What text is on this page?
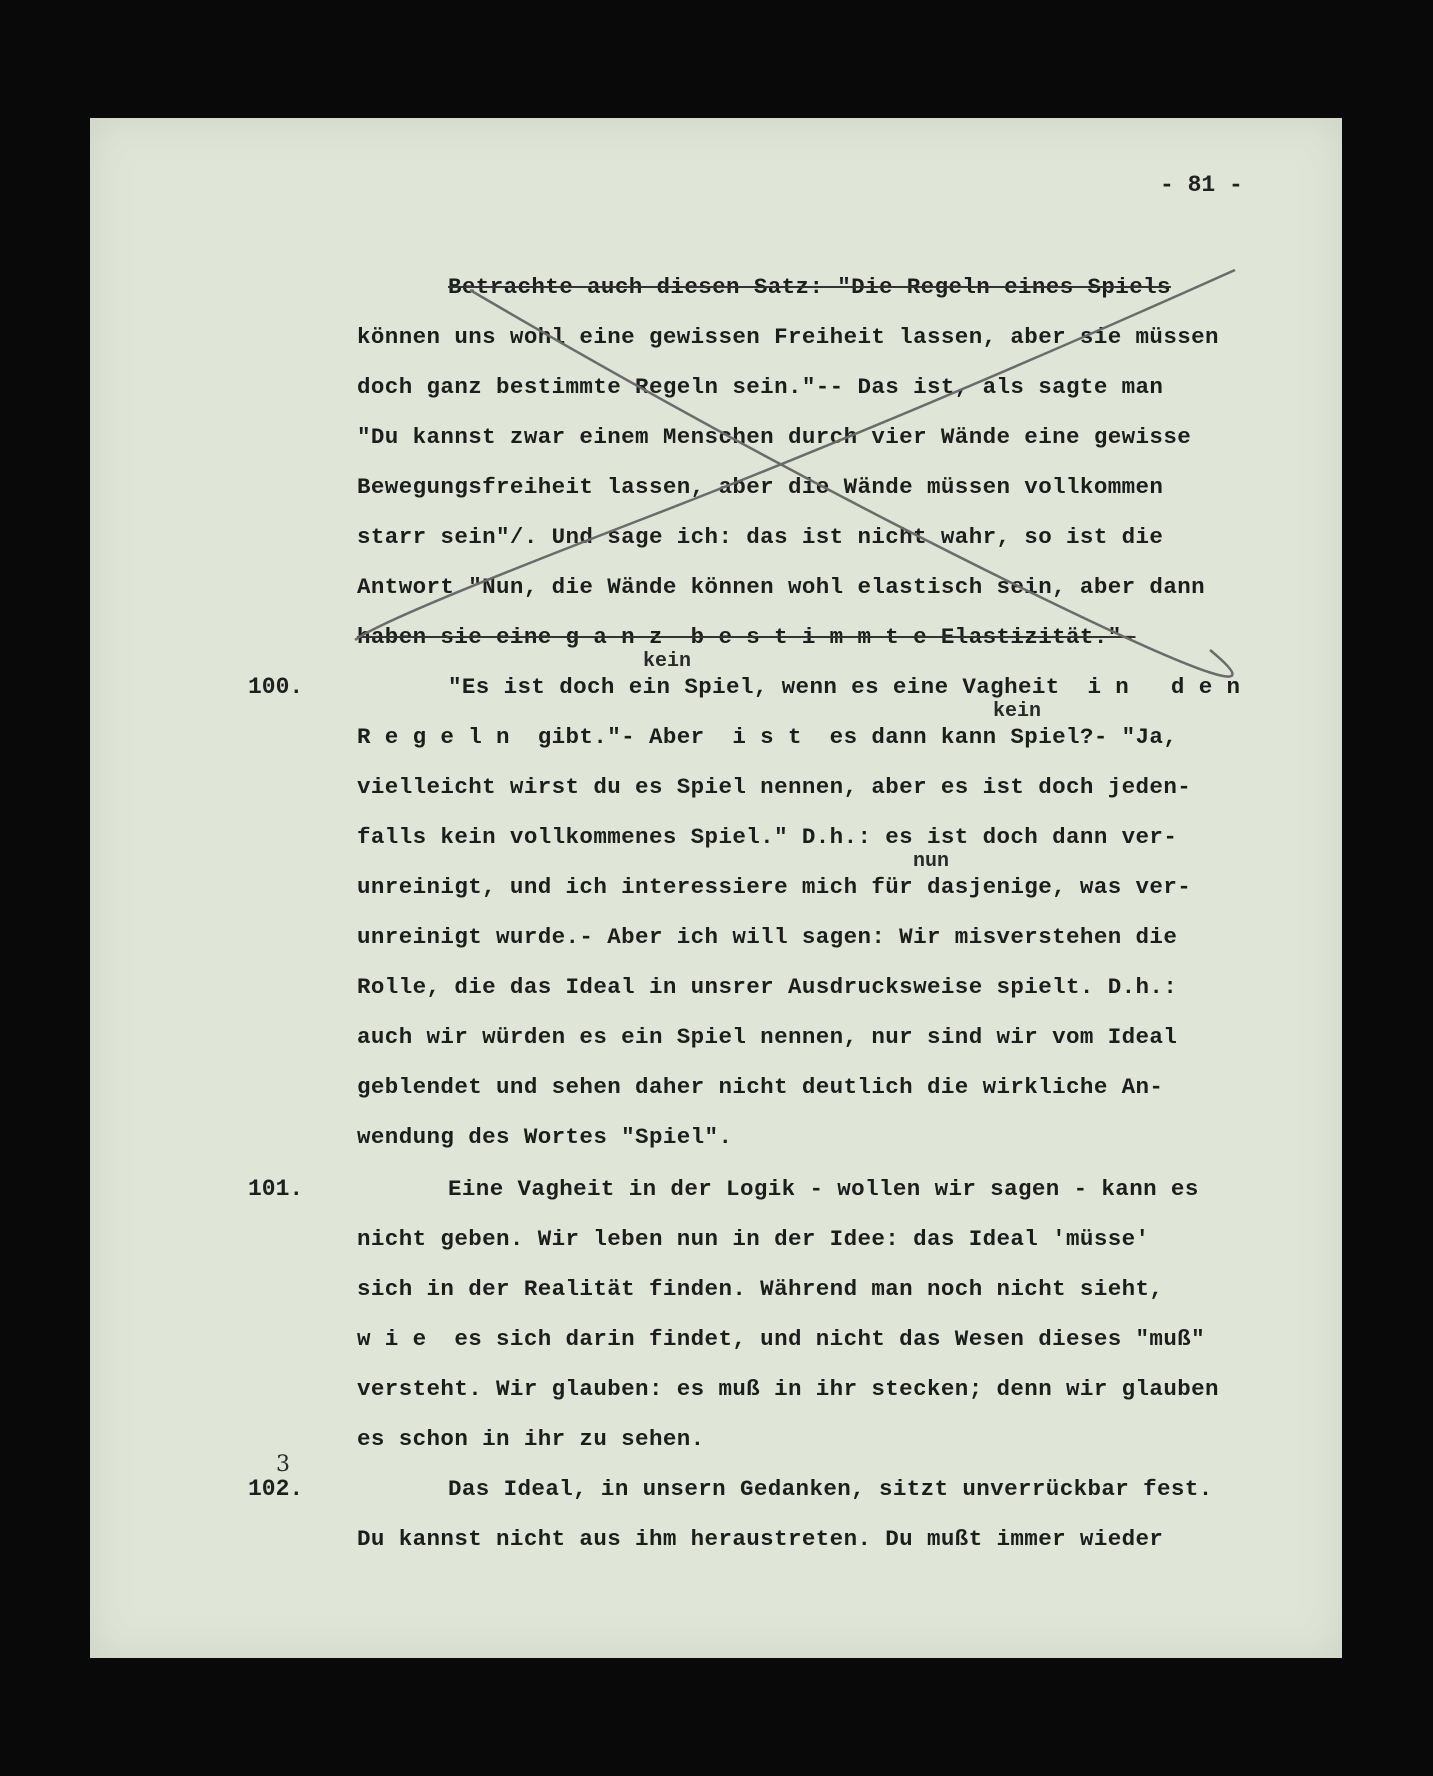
- 81 -
Betrachte auch diesen Satz: "Die Regeln eines Spiels
können uns wohl eine gewissen Freiheit lassen, aber sie müssen
doch ganz bestimmte Regeln sein."-- Das ist, als sagte man
"Du kannst zwar einem Menschen durch vier Wände eine gewisse
Bewegungsfreiheit lassen, aber die Wände müssen vollkommen
starr sein"/. Und sage ich: das ist nicht wahr, so ist die
Antwort "Nun, die Wände können wohl elastisch sein, aber dann
haben sie eine g a n z  b e s t i m m t e Elastizität."-
100.
kein
"Es ist doch ein Spiel, wenn es eine Vagheit  i n   d e n
kein
R e g e l n  gibt."- Aber  i s t  es dann kann Spiel?- "Ja,
vielleicht wirst du es Spiel nennen, aber es ist doch jeden-
falls kein vollkommenes Spiel." D.h.: es ist doch dann ver-
nun
unreinigt, und ich interessiere mich für dasjenige, was ver-
unreinigt wurde.- Aber ich will sagen: Wir misverstehen die
Rolle, die das Ideal in unsrer Ausdrucksweise spielt. D.h.:
auch wir würden es ein Spiel nennen, nur sind wir vom Ideal
geblendet und sehen daher nicht deutlich die wirkliche An-
wendung des Wortes "Spiel".
101.	Eine Vagheit in der Logik - wollen wir sagen - kann es
nicht geben. Wir leben nun in der Idee: das Ideal 'müsse'
sich in der Realität finden. Während man noch nicht sieht,
w i e  es sich darin findet, und nicht das Wesen dieses "muß"
versteht. Wir glauben: es muß in ihr stecken; denn wir glauben
es schon in ihr zu sehen.
3
102.	Das Ideal, in unsern Gedanken, sitzt unverrückbar fest.
Du kannst nicht aus ihm heraustreten. Du mußt immer wieder
